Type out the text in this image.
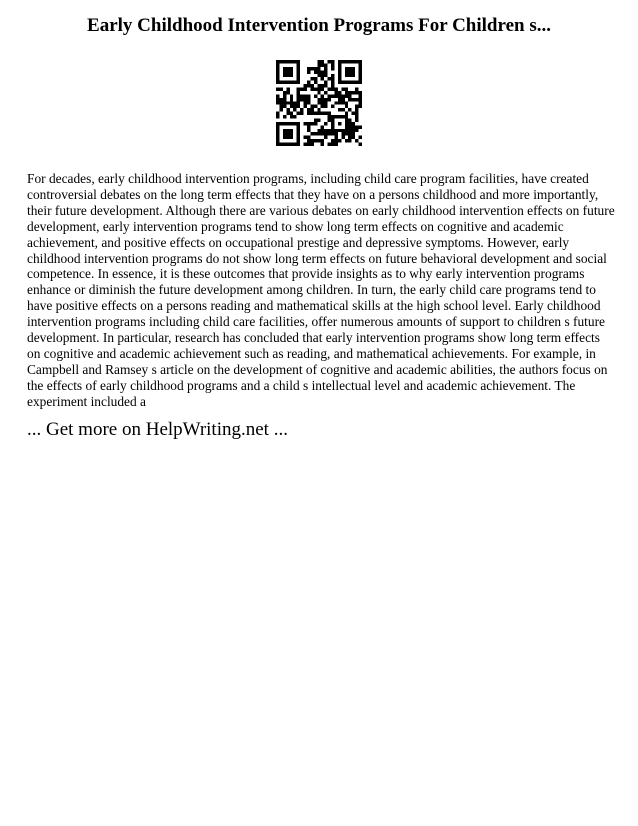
Early Childhood Intervention Programs For Children s...

For decades, early childhood intervention programs, including child care program facilities, have created controversial debates on the long term effects that they have on a persons childhood and more importantly, their future development. Although there are various debates on early childhood intervention effects on future development, early intervention programs tend to show long term effects on cognitive and academic achievement, and positive effects on occupational prestige and depressive symptoms. However, early childhood intervention programs do not show long term effects on future behavioral development and social competence. In essence, it is these outcomes that provide insights as to why early intervention programs enhance or diminish the future development among children. In turn, the early child care programs tend to have positive effects on a persons reading and mathematical skills at the high school level. Early childhood intervention programs including child care facilities, offer numerous amounts of support to children s future development. In particular, research has concluded that early intervention programs show long term effects on cognitive and academic achievement such as reading, and mathematical achievements. For example, in Campbell and Ramsey s article on the development of cognitive and academic abilities, the authors focus on the effects of early childhood programs and a child s intellectual level and academic achievement. The experiment included a

... Get more on HelpWriting.net ...
